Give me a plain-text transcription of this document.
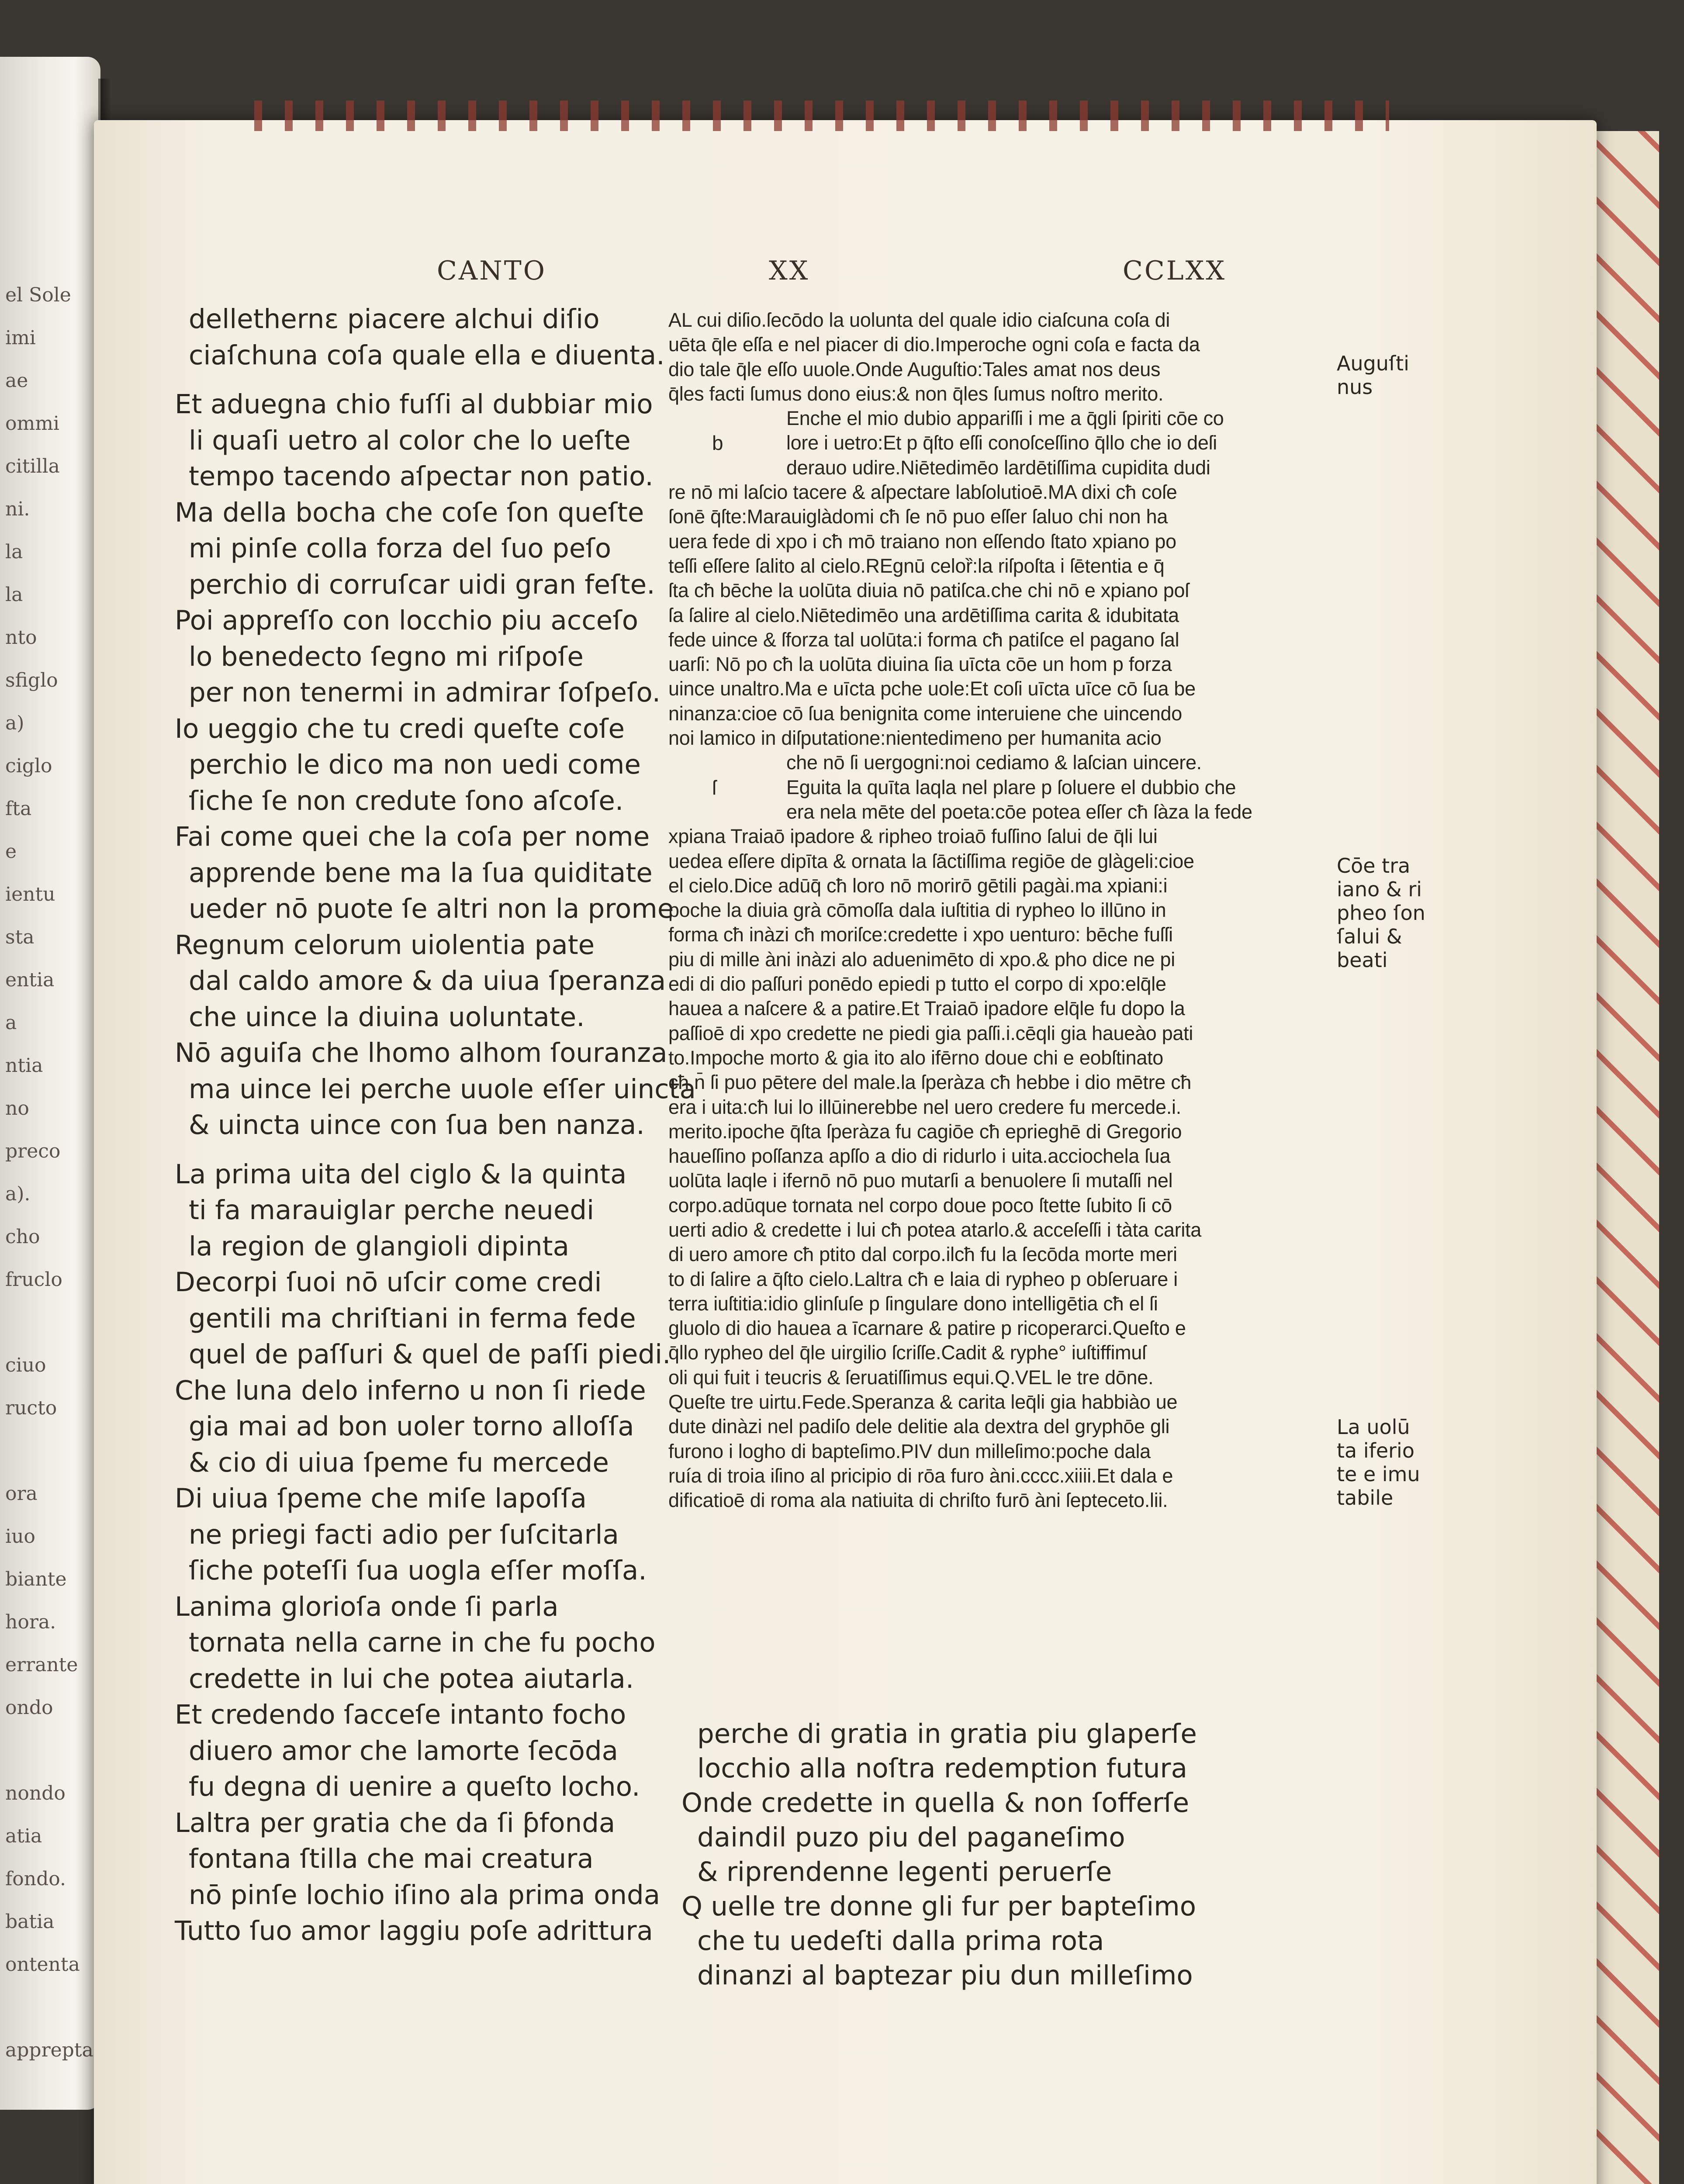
el Sole
imi
ae
ommi
citilla
ni.
la
la
nto
sfiglo
a)
ciglo
fta
e
ientu
sta
entia
a
ntia
no
preco
a).
cho
fruclo
ciuo
ructo
ora
iuo
biante
hora.
errante
ondo
nondo
atia
fondo.
batia
ontenta
apprepta
CANTO	XX	CCLXX
dellethernɛ piacere alchui diſio
ciaſchuna coſa quale ella e diuenta.
Et aduegna chio fuſſi al dubbiar mio
li quaſi uetro al color che lo ueſte
tempo tacendo aſpectar non patio.
Ma della bocha che coſe ſon queſte
mi pinſe colla forza del ſuo peſo
perchio di corruſcar uidi gran feſte.
Poi appreſſo con locchio piu acceſo
lo benedecto ſegno mi riſpoſe
per non tenermi in admirar ſoſpeſo.
Io ueggio che tu credi queſte coſe
perchio le dico ma non uedi come
ſiche ſe non credute ſono aſcoſe.
Fai come quei che la coſa per nome
apprende bene ma la ſua quiditate
ueder nō puote ſe altri non la prome
Regnum celorum uiolentia pate
dal caldo amore & da uiua ſperanza
che uince la diuina uoluntate.
Nō aguiſa che lhomo alhom ſouranza
ma uince lei perche uuole eſſer uincta
& uincta uince con ſua ben nanza.
La prima uita del ciglo & la quinta
ti fa marauiglar perche neuedi
la region de glangioli dipinta
Decorpi ſuoi nō uſcir come credi
gentili ma chriſtiani in ferma fede
quel de paſſuri & quel de paſſi piedi.
Che luna delo inferno u non ſi riede
gia mai ad bon uoler torno alloſſa
& cio di uiua ſpeme fu mercede
Di uiua ſpeme che miſe lapoſſa
ne priegi facti adio per ſuſcitarla
ſiche poteſſi ſua uogla eſſer moſſa.
Lanima glorioſa onde ſi parla
tornata nella carne in che fu pocho
credette in lui che potea aiutarla.
Et credendo ſacceſe intanto focho
diuero amor che lamorte ſecōda
fu degna di uenire a queſto locho.
Laltra per gratia che da ſi ƥfonda
fontana ſtilla che mai creatura
nō pinſe lochio iſino ala prima onda
Tutto ſuo amor laggiu poſe adrittura
AL cui diſio.ſecōdo la uolunta del quale idio ciaſcuna coſa di
uēta q̄le eſſa e nel piacer di dio.Imperoche ogni coſa e facta da
dio tale q̄le eſſo uuole.Onde Auguſtio:Tales amat nos deus
q̄les facti ſumus dono eius:& non q̄les ſumus noſtro merito.
Enche el mio dubio appariſſi i me a q̄gli ſpiriti cōe co
b	lore i uetro:Et p q̄ſto eſſi conoſceſſino q̄llo che io deſi
derauo udire.Niētedimēo lardētiſſima cupidita dudi
re nō mi laſcio tacere & aſpectare labſolutioē.MA dixi cħ coſe
ſonē q̄ſte:Marauiglàdomi cħ ſe nō puo eſſer ſaluo chi non ha
uera fede di xpo i cħ mō traiano non eſſendo ſtato xpiano po
teſſi eſſere ſalito al cielo.REgnū celoȑ:la riſpoſta i ſētentia e q̄
ſta cħ bēche la uolūta diuia nō patiſca.che chi nō e xpiano poſ
ſa ſalire al cielo.Niētedimēo una ardētiſſima carita & idubitata
fede uince & ſforza tal uolūta:i forma cħ patiſce el pagano ſal
uarſi: Nō po cħ la uolūta diuina ſia uīcta cōe un hom p forza
uince unaltro.Ma e uīcta pche uole:Et coſi uīcta uīce cō ſua be
ninanza:cioe cō ſua benignita come interuiene che uincendo
noi lamico in diſputatione:nientedimeno per humanita acio
che nō ſi uergogni:noi cediamo & laſcian uincere.
ſ	Eguita la quīta laqla nel plare p ſoluere el dubbio che
era nela mēte del poeta:cōe potea eſſer cħ ſàza la fede
xpiana Traiaō ipadore & ripheo troiaō fuſſino ſalui de q̄li lui
uedea eſſere dipīta & ornata la ſāctiſſima regiōe de glàgeli:cioe
el cielo.Dice adūq̄ cħ loro nō morirō gētili pagài.ma xpiani:i
poche la diuia grà cōmoſſa dala iuſtitia di rypheo lo illūno in
forma cħ inàzi cħ moriſce:credette i xpo uenturo: bēche fuſſi
piu di mille àni inàzi alo aduenimēto di xpo.& pho dice ne pi
edi di dio paſſuri ponēdo epiedi p tutto el corpo di xpo:elq̄le
hauea a naſcere & a patire.Et Traiaō ipadore elq̄le fu dopo la
paſſioē di xpo credette ne piedi gia paſſi.i.cēqli gia haueào pati
to.Impoche morto & gia ito alo ifērno doue chi e eobſtinato
cħ n̄ ſi puo pētere del male.la ſperàza cħ hebbe i dio mētre cħ
era i uita:cħ lui lo illūinerebbe nel uero credere fu mercede.i.
merito.ipoche q̄ſta ſperàza fu cagiōe cħ eprieghē di Gregorio
haueſſino poſſanza apſſo a dio di ridurlo i uita.acciochela ſua
uolūta laqle i ifernō nō puo mutarſi a benuolere ſi mutaſſi nel
corpo.adūque tornata nel corpo doue poco ſtette ſubito ſi cō
uerti adio & credette i lui cħ potea atarlo.& acceſeſſi i tàta carita
di uero amore cħ ptito dal corpo.ilcħ fu la ſecōda morte meri
to di ſalire a q̄ſto cielo.Laltra cħ e laia di rypheo p obſeruare i
terra iuſtitia:idio glinſuſe p ſingulare dono intelligētia cħ el ſi
gluolo di dio hauea a īcarnare & patire p ricoperarci.Queſto e
q̄llo rypheo del q̄le uirgilio ſcriſſe.Cadit & ryphe° iuſtiffimuſ
oli qui fuit i teucris & ſeruatiſſimus equi.Q.VEL le tre dōne.
Queſte tre uirtu.Fede.Speranza & carita leq̄li gia habbiào ue
dute dinàzi nel padiſo dele delitie ala dextra del gryphōe gli
furono i logho di bapteſimo.PIV dun milleſimo:poche dala
ruía di troia iſino al pricipio di rōa furo àni.cccc.xiiii.Et dala e
dificatioē di roma ala natiuita di chriſto furō àni ſepteceto.lii.
perche di gratia in gratia piu glaperſe
locchio alla noſtra redemption futura
Onde credette in quella & non ſofferſe
daindil puzo piu del paganeſimo
& riprendenne legenti peruerſe
Q uelle tre donne gli fur per bapteſimo
che tu uedeſti dalla prima rota
dinanzi al baptezar piu dun milleſimo
Auguſti
nus
Cōe tra
iano & ri
pheo ſon
ſalui &
beati
La uolū
ta iferio
te e imu
tabile
